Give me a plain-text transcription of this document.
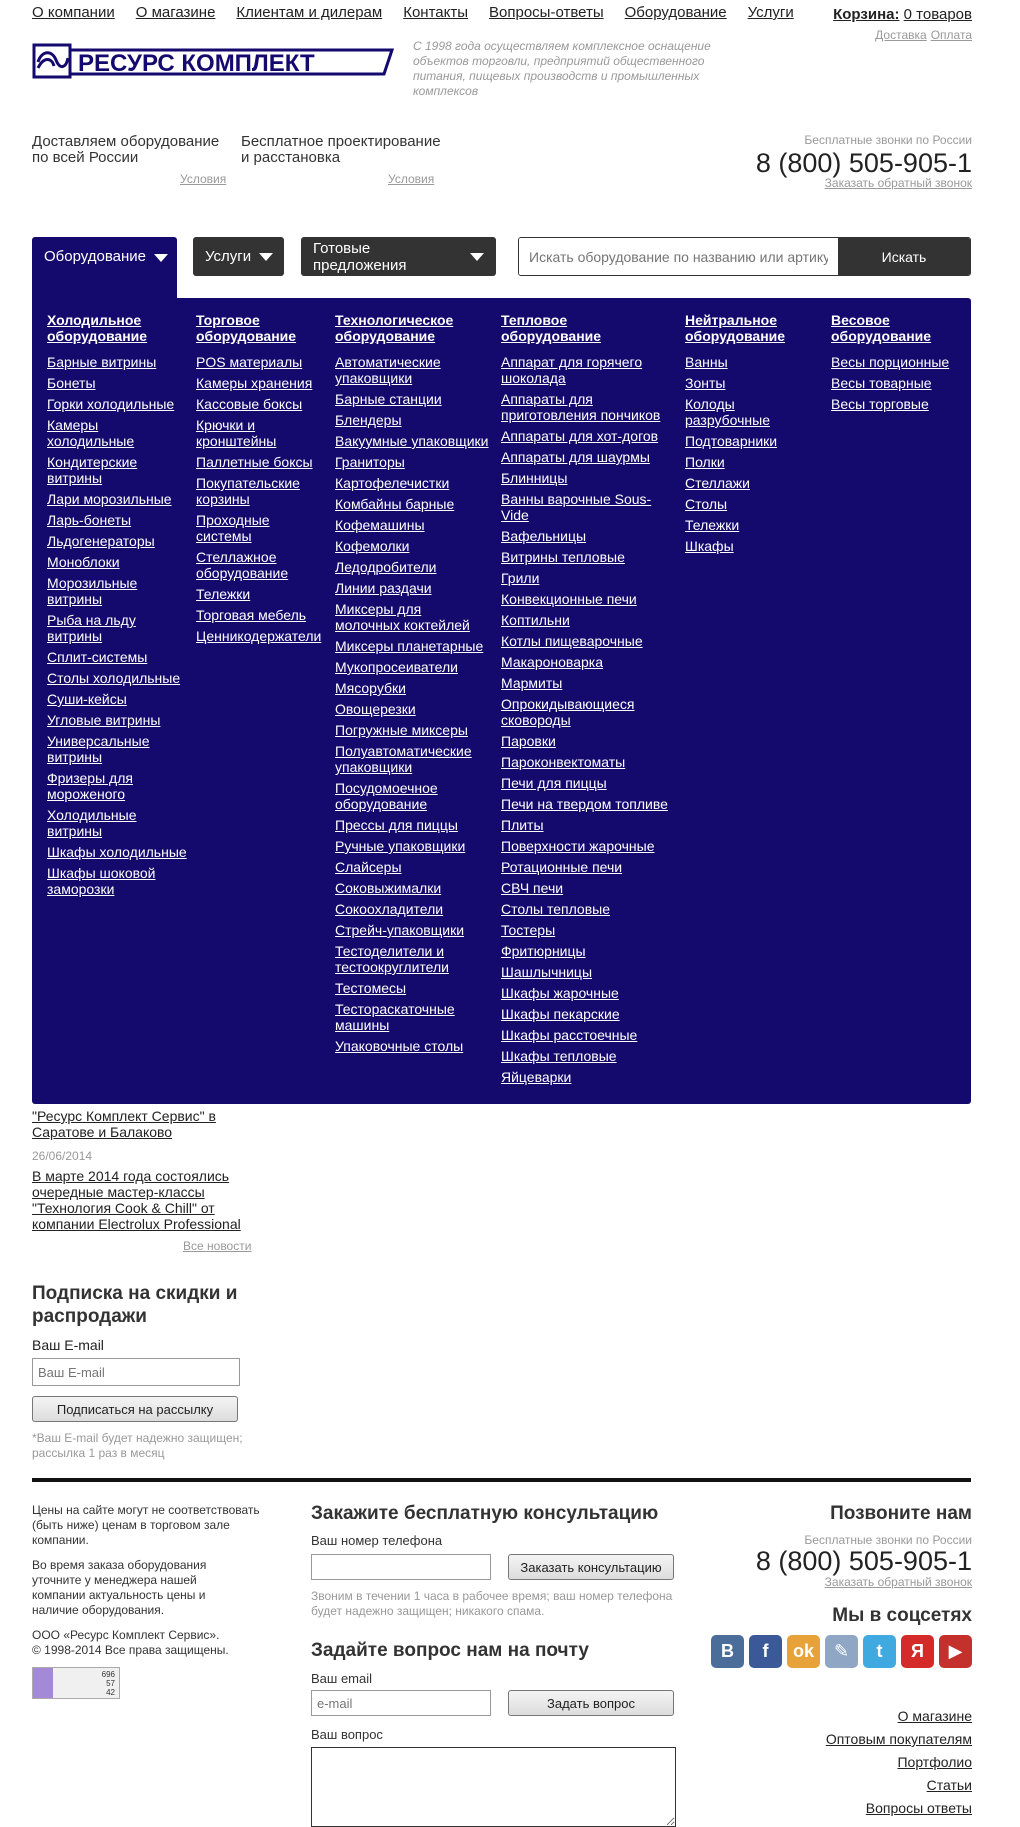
О компании О магазине Клиентам и дилерам Контакты Вопросы-ответы Оборудование Услуги	Корзина: 0 товаров
Доставка Оплата
РЕСУРС КОМПЛЕКТ
С 1998 года осуществляем комплексное оснащение объектов торговли, предприятий общественного питания, пищевых производств и промышленных комплексов
Доставляем оборудование
по всей России
Условия
Бесплатное проектирование
и расстановка
Условия
Бесплатные звонки по России
8 (800) 505-905-1
Заказать обратный звонок
Оборудование	Услуги	Готовые предложения
Искать оборудование по названию или артикулу	Искать
Холодильное оборудование
Барные витрины
Бонеты
Горки холодильные
Камеры холодильные
Кондитерские витрины
Лари морозильные
Ларь-бонеты
Льдогенераторы
Моноблоки
Морозильные витрины
Рыба на льду витрины
Сплит-системы
Столы холодильные
Суши-кейсы
Угловые витрины
Универсальные витрины
Фризеры для мороженого
Холодильные витрины
Шкафы холодильные
Шкафы шоковой заморозки
Торговое оборудование
POS материалы
Камеры хранения
Кассовые боксы
Крючки и кронштейны
Паллетные боксы
Покупательские корзины
Проходные системы
Стеллажное оборудование
Тележки
Торговая мебель
Ценникодержатели
Технологическое оборудование
Автоматические упаковщики
Барные станции
Блендеры
Вакуумные упаковщики
Граниторы
Картофелечистки
Комбайны барные
Кофемашины
Кофемолки
Ледодробители
Линии раздачи
Миксеры для молочных коктейлей
Миксеры планетарные
Мукопросеиватели
Мясорубки
Овощерезки
Погружные миксеры
Полуавтоматические упаковщики
Посудомоечное оборудование
Прессы для пиццы
Ручные упаковщики
Слайсеры
Соковыжималки
Сокоохладители
Стрейч-упаковщики
Тестоделители и тестоокруглители
Тестомесы
Тестораскаточные машины
Упаковочные столы
Тепловое оборудование
Аппарат для горячего шоколада
Аппараты для приготовления пончиков
Аппараты для хот-догов
Аппараты для шаурмы
Блинницы
Ванны варочные Sous-Vide
Вафельницы
Витрины тепловые
Грили
Конвекционные печи
Коптильни
Котлы пищеварочные
Макароноварка
Мармиты
Опрокидывающиеся сковороды
Паровки
Пароконвектоматы
Печи для пиццы
Печи на твердом топливе
Плиты
Поверхности жарочные
Ротационные печи
СВЧ печи
Столы тепловые
Тостеры
Фритюрницы
Шашлычницы
Шкафы жарочные
Шкафы пекарские
Шкафы расстоечные
Шкафы тепловые
Яйцеварки
Нейтральное оборудование
Ванны
Зонты
Колоды разрубочные
Подтоварники
Полки
Стеллажи
Столы
Тележки
Шкафы
Весовое оборудование
Весы порционные
Весы товарные
Весы торговые
"Ресурс Комплект Сервис" в Саратове и Балаково
26/06/2014
В марте 2014 года состоялись очередные мастер-классы "Технология Cook & Chill" от компании Electrolux Professional
Все новости
Подписка на скидки и распродажи
Ваш E-mail
Ваш E-mail
Подписаться на рассылку
*Ваш E-mail будет надежно защищен; рассылка 1 раз в месяц
Цены на сайте могут не соответствовать (быть ниже) ценам в торговом зале компании.
Во время заказа оборудования уточните у менеджера нашей компании актуальность цены и наличие оборудования.
ООО «Ресурс Комплект Сервис».
© 1998-2014 Все права защищены.
696
57
42
Закажите бесплатную консультацию
Ваш номер телефона
Заказать консультацию
Звоним в течении 1 часа в рабочее время; ваш номер телефона будет надежно защищен; никакого спама.
Задайте вопрос нам на почту
Ваш email
e-mail
Задать вопрос
Ваш вопрос
Позвоните нам
Бесплатные звонки по России
8 (800) 505-905-1
Заказать обратный звонок
Мы в соцсетях
В	f	ok	✎	t	Я	▶
О магазине
Оптовым покупателям
Портфолио
Статьи
Вопросы ответы
